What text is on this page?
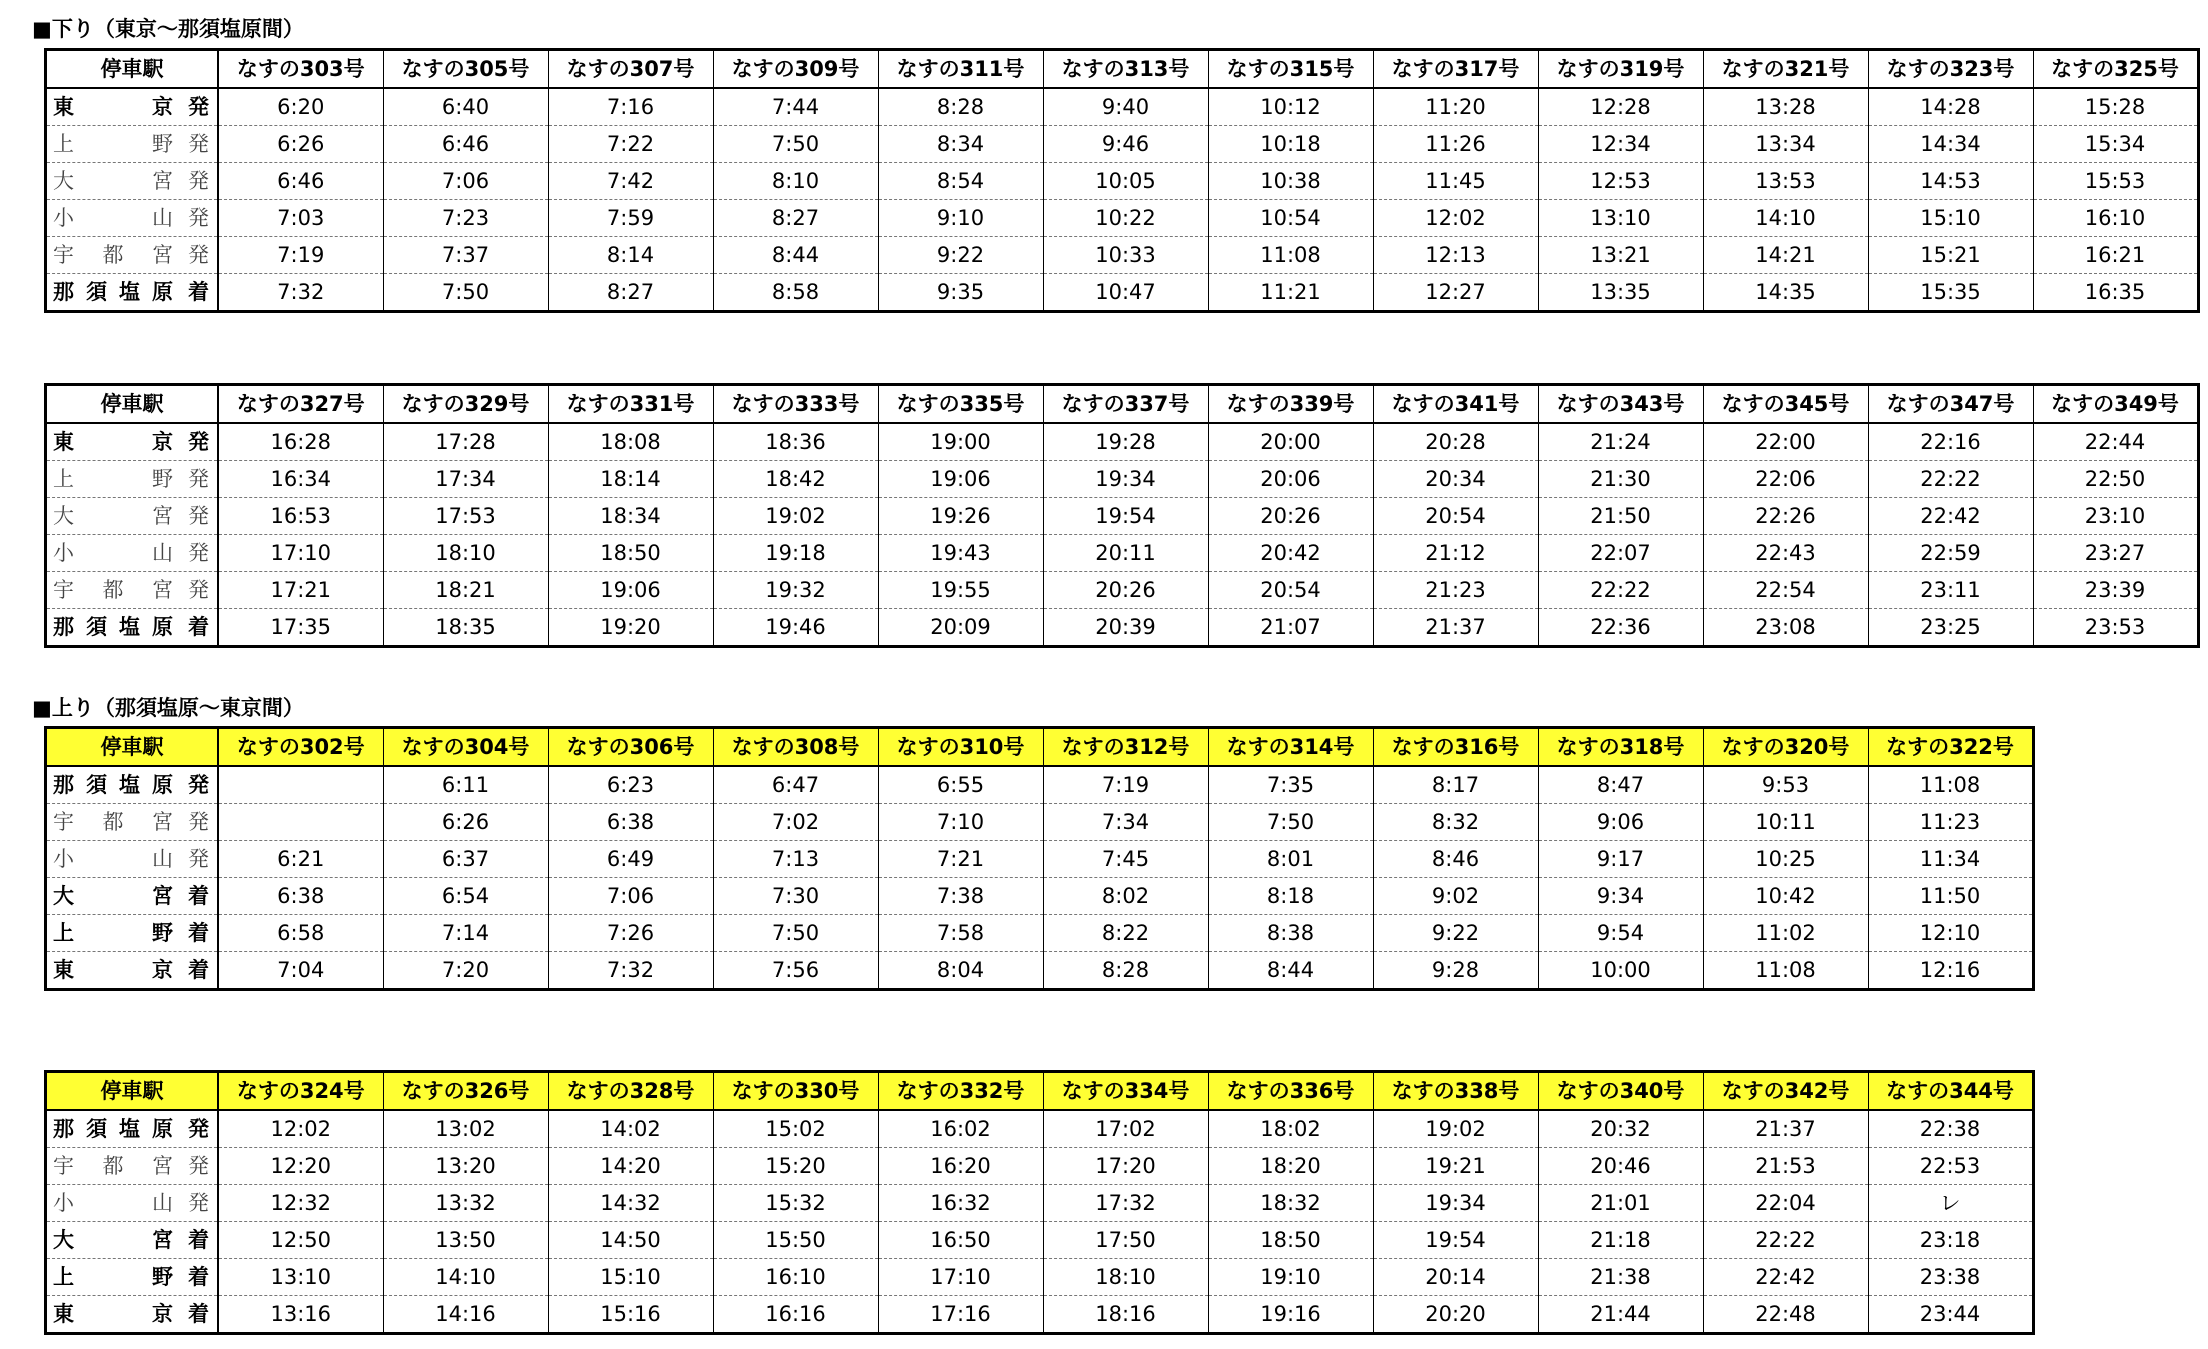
■下り（東京〜那須塩原間）
停車駅	なすの303号	なすの305号	なすの307号	なすの309号	なすの311号	なすの313号	なすの315号	なすの317号	なすの319号	なすの321号	なすの323号	なすの325号

東 京 発	6:20	6:40	7:16	7:44	8:28	9:40	10:12	11:20	12:28	13:28	14:28	15:28

上 野 発	6:26	6:46	7:22	7:50	8:34	9:46	10:18	11:26	12:34	13:34	14:34	15:34

大 宮 発	6:46	7:06	7:42	8:10	8:54	10:05	10:38	11:45	12:53	13:53	14:53	15:53

小 山 発	7:03	7:23	7:59	8:27	9:10	10:22	10:54	12:02	13:10	14:10	15:10	16:10

宇 都 宮 発	7:19	7:37	8:14	8:44	9:22	10:33	11:08	12:13	13:21	14:21	15:21	16:21

那 須 塩 原 着	7:32	7:50	8:27	8:58	9:35	10:47	11:21	12:27	13:35	14:35	15:35	16:35
停車駅	なすの327号	なすの329号	なすの331号	なすの333号	なすの335号	なすの337号	なすの339号	なすの341号	なすの343号	なすの345号	なすの347号	なすの349号

東 京 発	16:28	17:28	18:08	18:36	19:00	19:28	20:00	20:28	21:24	22:00	22:16	22:44

上 野 発	16:34	17:34	18:14	18:42	19:06	19:34	20:06	20:34	21:30	22:06	22:22	22:50

大 宮 発	16:53	17:53	18:34	19:02	19:26	19:54	20:26	20:54	21:50	22:26	22:42	23:10

小 山 発	17:10	18:10	18:50	19:18	19:43	20:11	20:42	21:12	22:07	22:43	22:59	23:27

宇 都 宮 発	17:21	18:21	19:06	19:32	19:55	20:26	20:54	21:23	22:22	22:54	23:11	23:39

那 須 塩 原 着	17:35	18:35	19:20	19:46	20:09	20:39	21:07	21:37	22:36	23:08	23:25	23:53
■上り（那須塩原〜東京間）
停車駅	なすの302号	なすの304号	なすの306号	なすの308号	なすの310号	なすの312号	なすの314号	なすの316号	なすの318号	なすの320号	なすの322号

那 須 塩 原 発		6:11	6:23	6:47	6:55	7:19	7:35	8:17	8:47	9:53	11:08

宇 都 宮 発		6:26	6:38	7:02	7:10	7:34	7:50	8:32	9:06	10:11	11:23

小 山 発	6:21	6:37	6:49	7:13	7:21	7:45	8:01	8:46	9:17	10:25	11:34

大 宮 着	6:38	6:54	7:06	7:30	7:38	8:02	8:18	9:02	9:34	10:42	11:50

上 野 着	6:58	7:14	7:26	7:50	7:58	8:22	8:38	9:22	9:54	11:02	12:10

東 京 着	7:04	7:20	7:32	7:56	8:04	8:28	8:44	9:28	10:00	11:08	12:16
停車駅	なすの324号	なすの326号	なすの328号	なすの330号	なすの332号	なすの334号	なすの336号	なすの338号	なすの340号	なすの342号	なすの344号

那 須 塩 原 発	12:02	13:02	14:02	15:02	16:02	17:02	18:02	19:02	20:32	21:37	22:38

宇 都 宮 発	12:20	13:20	14:20	15:20	16:20	17:20	18:20	19:21	20:46	21:53	22:53

小 山 発	12:32	13:32	14:32	15:32	16:32	17:32	18:32	19:34	21:01	22:04	レ

大 宮 着	12:50	13:50	14:50	15:50	16:50	17:50	18:50	19:54	21:18	22:22	23:18

上 野 着	13:10	14:10	15:10	16:10	17:10	18:10	19:10	20:14	21:38	22:42	23:38

東 京 着	13:16	14:16	15:16	16:16	17:16	18:16	19:16	20:20	21:44	22:48	23:44
